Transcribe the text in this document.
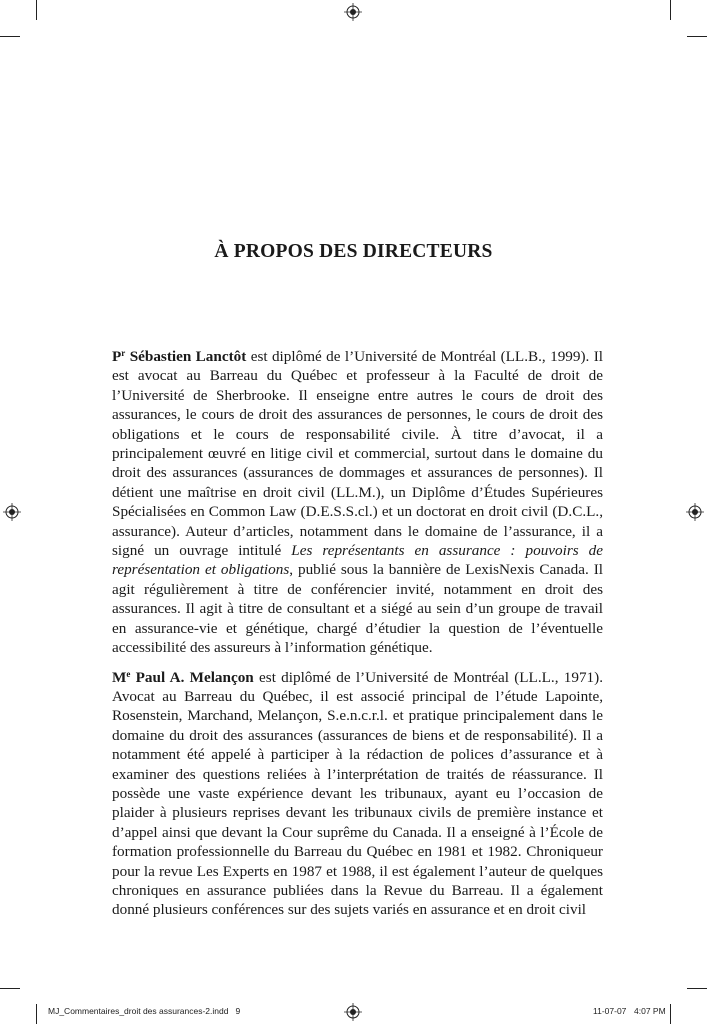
À PROPOS DES DIRECTEURS

$P^r$ Sébastien Lanctôt est diplômé de l’Université de Montréal (LL.B., 1999). Il est avocat au Barreau du Québec et professeur à la Faculté de droit de l’Université de Sherbrooke. Il enseigne entre autres le cours de droit des assurances, le cours de droit des assurances de personnes, le cours de droit des obligations et le cours de responsabilité civile. À titre d’avocat, il a principalement œuvré en litige civil et commercial, surtout dans le domaine du droit des assurances (assurances de dommages et assurances de personnes). Il détient une maîtrise en droit civil (LL.M.), un Diplôme d’Études Supérieures Spécialisées en Common Law (D.E.S.S.cl.) et un doctorat en droit civil (D.C.L., assurance). Auteur d’articles, notamment dans le domaine de l’assurance, il a signé un ouvrage intitulé Les représentants en assurance : pouvoirs de représentation et obligations, publié sous la bannière de LexisNexis Canada. Il agit régulièrement à titre de conférencier invité, notamment en droit des assurances. Il agit à titre de consultant et a siégé au sein d’un groupe de travail en assurance-vie et génétique, chargé d’étudier la question de l’éventuelle accessibilité des assureurs à l’information génétique.

Me Paul A. Melançon est diplômé de l’Université de Montréal (LL.L., 1971). Avocat au Barreau du Québec, il est associé principal de l’étude Lapointe, Rosenstein, Marchand, Melançon, S.e.n.c.r.l. et pratique principalement dans le domaine du droit des assurances (assurances de biens et de responsabilité). Il a notamment été appelé à participer à la rédaction de polices d’assurance et à examiner des questions reliées à l’interprétation de traités de réassurance. Il possède une vaste expérience devant les tribunaux, ayant eu l’occasion de plaider à plusieurs reprises devant les tribunaux civils de première instance et d’appel ainsi que devant la Cour suprême du Canada. Il a enseigné à l’École de formation professionnelle du Barreau du Québec en 1981 et 1982. Chroniqueur pour la revue Les Experts en 1987 et 1988, il est également l’auteur de quelques chroniques en assurance publiées dans la Revue du Barreau. Il a également donné plusieurs conférences sur des sujets variés en assurance et en droit civil

MJ_Commentaires_droit des assurances-2.indd   9	11-07-07 4:07 PM
